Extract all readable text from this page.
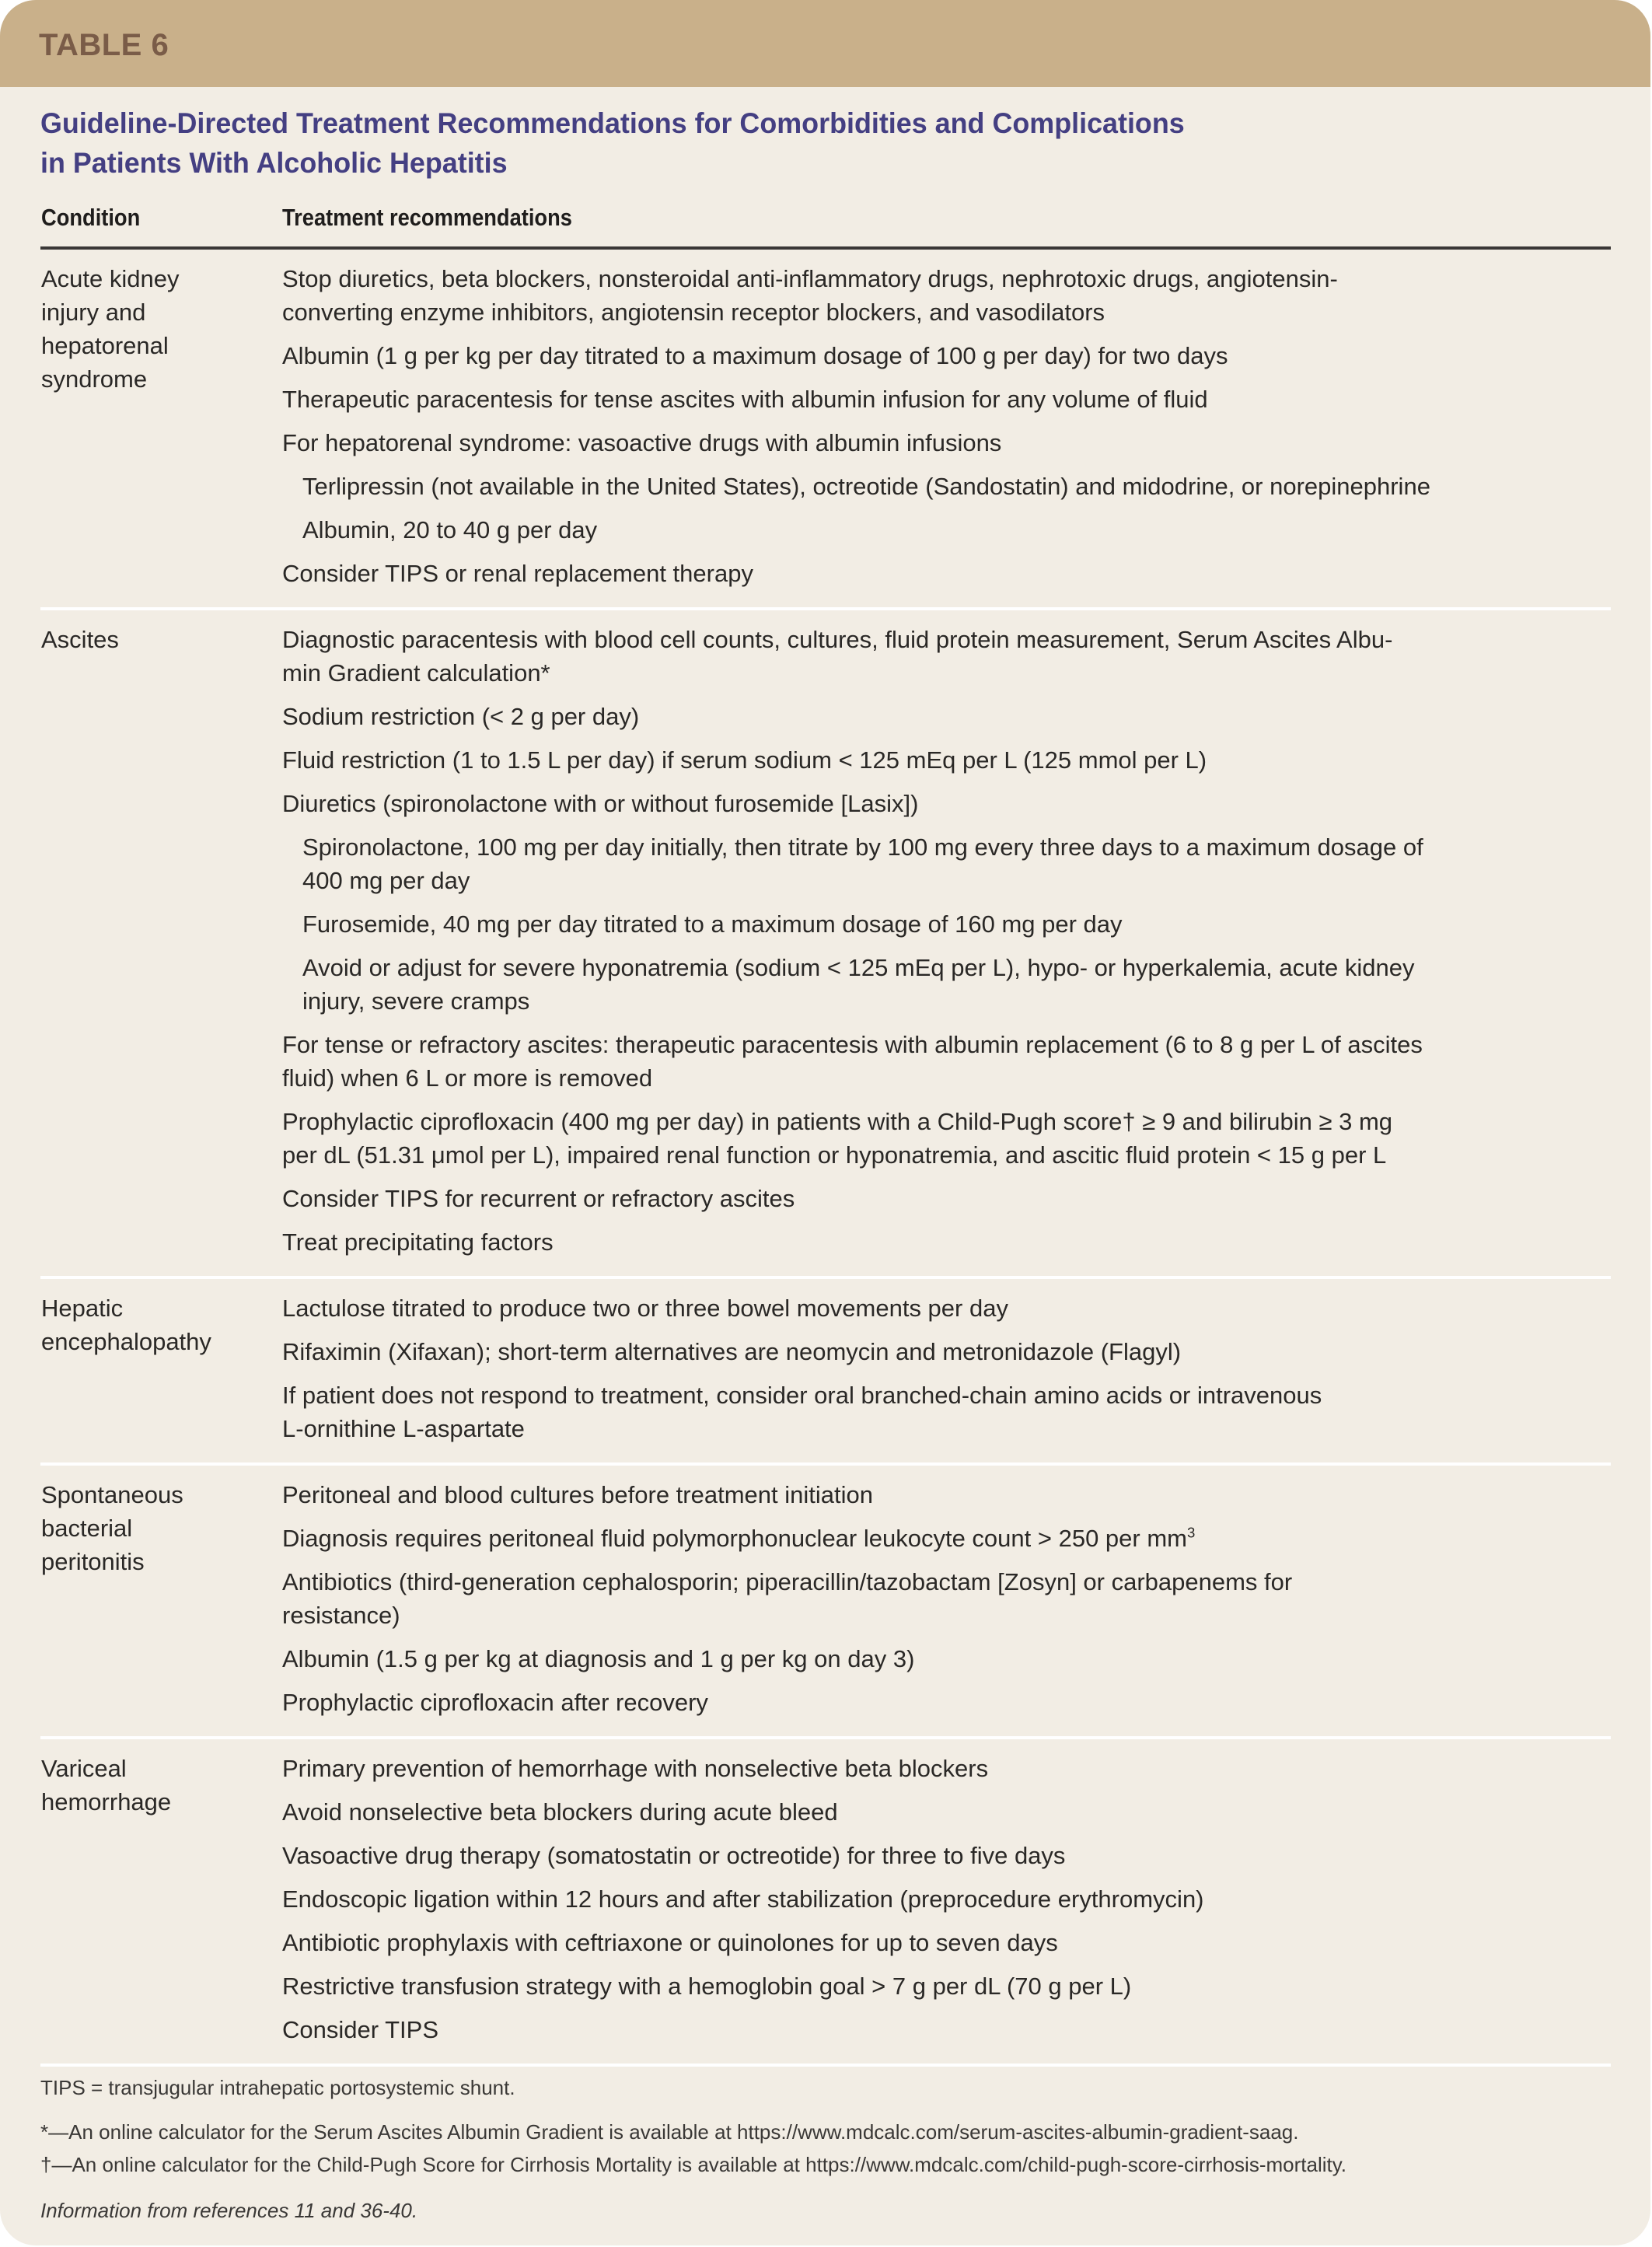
TABLE 6
Guideline-Directed Treatment Recommendations for Comorbidities and Complications
in Patients With Alcoholic Hepatitis
Condition	Treatment recommendations
Acute kidney
injury and
hepatorenal
syndrome
Stop diuretics, beta blockers, nonsteroidal anti-inflammatory drugs, nephrotoxic drugs, angiotensin-
converting enzyme inhibitors, angiotensin receptor blockers, and vasodilators
Albumin (1 g per kg per day titrated to a maximum dosage of 100 g per day) for two days
Therapeutic paracentesis for tense ascites with albumin infusion for any volume of fluid
For hepatorenal syndrome: vasoactive drugs with albumin infusions
Terlipressin (not available in the United States), octreotide (Sandostatin) and midodrine, or norepinephrine
Albumin, 20 to 40 g per day
Consider TIPS or renal replacement therapy
Ascites	Diagnostic paracentesis with blood cell counts, cultures, fluid protein measurement, Serum Ascites Albu-
min Gradient calculation*
Sodium restriction (< 2 g per day)
Fluid restriction (1 to 1.5 L per day) if serum sodium < 125 mEq per L (125 mmol per L)
Diuretics (spironolactone with or without furosemide [Lasix])
Spironolactone, 100 mg per day initially, then titrate by 100 mg every three days to a maximum dosage of
400 mg per day
Furosemide, 40 mg per day titrated to a maximum dosage of 160 mg per day
Avoid or adjust for severe hyponatremia (sodium < 125 mEq per L), hypo- or hyperkalemia, acute kidney
injury, severe cramps
For tense or refractory ascites: therapeutic paracentesis with albumin replacement (6 to 8 g per L of ascites
fluid) when 6 L or more is removed
Prophylactic ciprofloxacin (400 mg per day) in patients with a Child-Pugh score† ≥ 9 and bilirubin ≥ 3 mg
per dL (51.31 μmol per L), impaired renal function or hyponatremia, and ascitic fluid protein < 15 g per L
Consider TIPS for recurrent or refractory ascites
Treat precipitating factors
Hepatic
encephalopathy
Lactulose titrated to produce two or three bowel movements per day
Rifaximin (Xifaxan); short-term alternatives are neomycin and metronidazole (Flagyl)
If patient does not respond to treatment, consider oral branched-chain amino acids or intravenous
L-ornithine L-aspartate
Spontaneous
bacterial
peritonitis
Peritoneal and blood cultures before treatment initiation
Diagnosis requires peritoneal fluid polymorphonuclear leukocyte count > 250 per $mm^3$
Antibiotics (third-generation cephalosporin; piperacillin/tazobactam [Zosyn] or carbapenems for
resistance)
Albumin (1.5 g per kg at diagnosis and 1 g per kg on day 3)
Prophylactic ciprofloxacin after recovery
Variceal
hemorrhage
Primary prevention of hemorrhage with nonselective beta blockers
Avoid nonselective beta blockers during acute bleed
Vasoactive drug therapy (somatostatin or octreotide) for three to five days
Endoscopic ligation within 12 hours and after stabilization (preprocedure erythromycin)
Antibiotic prophylaxis with ceftriaxone or quinolones for up to seven days
Restrictive transfusion strategy with a hemoglobin goal > 7 g per dL (70 g per L)
Consider TIPS
TIPS = transjugular intrahepatic portosystemic shunt.
*—An online calculator for the Serum Ascites Albumin Gradient is available at https://www.mdcalc.com/serum-ascites-albumin-gradient-saag.
†—An online calculator for the Child-Pugh Score for Cirrhosis Mortality is available at https://www.mdcalc.com/child-pugh-score-cirrhosis-mortality.
Information from references 11 and 36-40.
